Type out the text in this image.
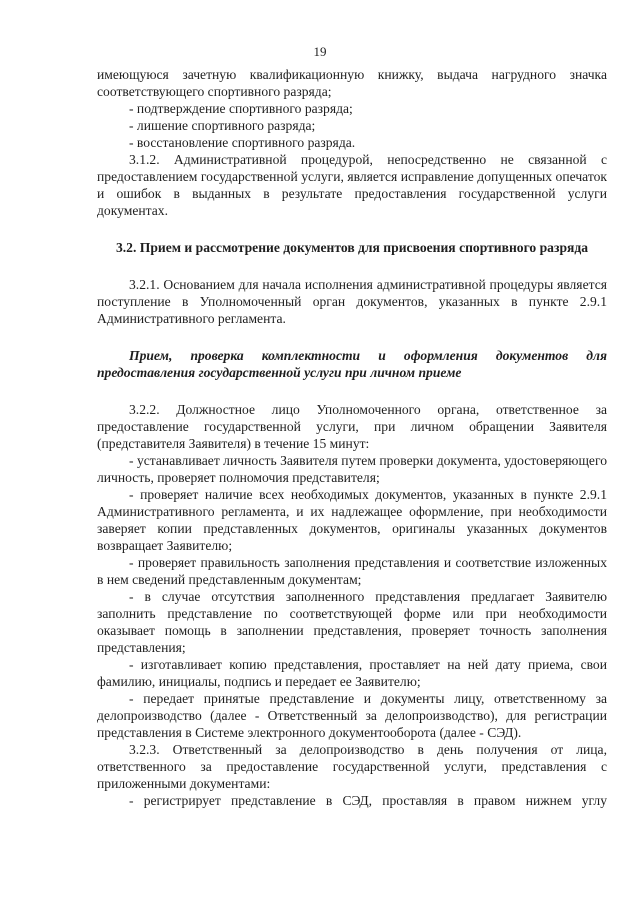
19

имеющуюся зачетную квалификационную книжку, выдача нагрудного значка соответствующего спортивного разряда;

- подтверждение спортивного разряда;

- лишение спортивного разряда;

- восстановление спортивного разряда.

3.1.2. Административной процедурой, непосредственно не связанной с предоставлением государственной услуги, является исправление допущенных опечаток и ошибок в выданных в результате предоставления государственной услуги документах.

3.2. Прием и рассмотрение документов для присвоения спортивного разряда

3.2.1. Основанием для начала исполнения административной процедуры является поступление в Уполномоченный орган документов, указанных в пункте 2.9.1 Административного регламента.

Прием, проверка комплектности и оформления документов для предоставления государственной услуги при личном приеме

3.2.2. Должностное лицо Уполномоченного органа, ответственное за предоставление государственной услуги, при личном обращении Заявителя (представителя Заявителя) в течение 15 минут:

- устанавливает личность Заявителя путем проверки документа, удостоверяющего личность, проверяет полномочия представителя;

- проверяет наличие всех необходимых документов, указанных в пункте 2.9.1 Административного регламента, и их надлежащее оформление, при необходимости заверяет копии представленных документов, оригиналы указанных документов возвращает Заявителю;

- проверяет правильность заполнения представления и соответствие изложенных в нем сведений представленным документам;

- в случае отсутствия заполненного представления предлагает Заявителю заполнить представление по соответствующей форме или при необходимости оказывает помощь в заполнении представления, проверяет точность заполнения представления;

- изготавливает копию представления, проставляет на ней дату приема, свои фамилию, инициалы, подпись и передает ее Заявителю;

- передает принятые представление и документы лицу, ответственному за делопроизводство (далее - Ответственный за делопроизводство), для регистрации представления в Системе электронного документооборота (далее - СЭД).

3.2.3. Ответственный за делопроизводство в день получения от лица, ответственного за предоставление государственной услуги, представления с приложенными документами:

- регистрирует представление в СЭД, проставляя в правом нижнем углу
